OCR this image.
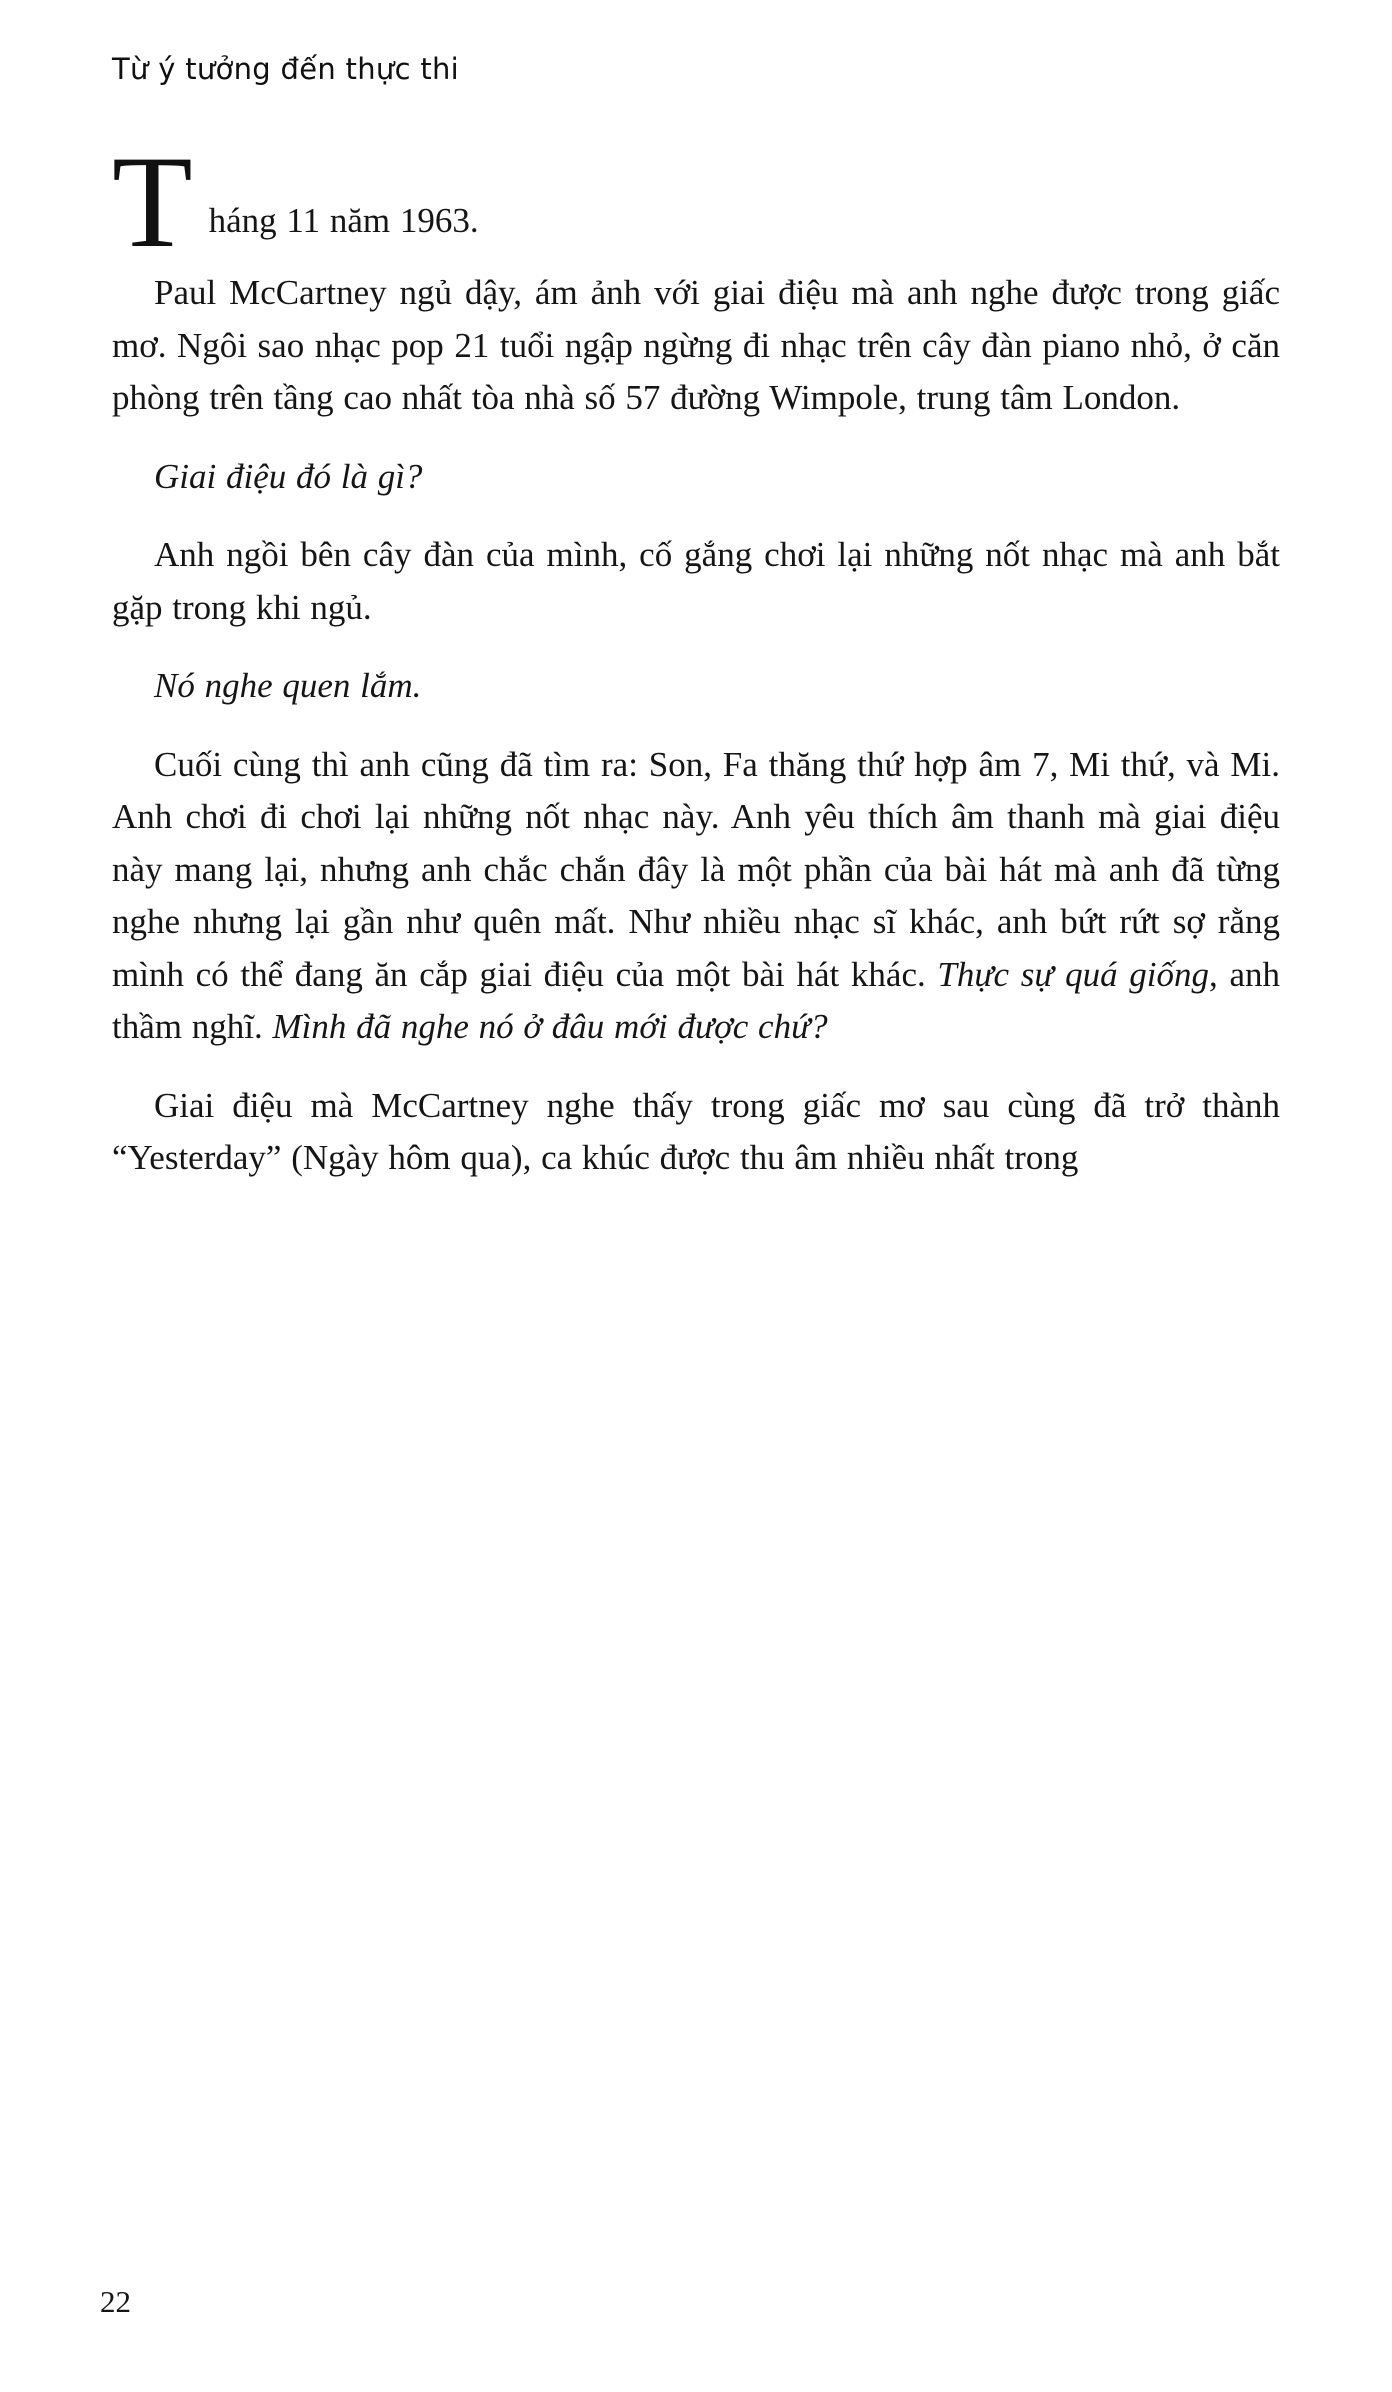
Từ ý tưởng đến thực thi
T háng 11 năm 1963.

Paul McCartney ngủ dậy, ám ảnh với giai điệu mà anh nghe được trong giấc mơ. Ngôi sao nhạc pop 21 tuổi ngập ngừng đi nhạc trên cây đàn piano nhỏ, ở căn phòng trên tầng cao nhất tòa nhà số 57 đường Wimpole, trung tâm London.

Giai điệu đó là gì?

Anh ngồi bên cây đàn của mình, cố gắng chơi lại những nốt nhạc mà anh bắt gặp trong khi ngủ.

Nó nghe quen lắm.

Cuối cùng thì anh cũng đã tìm ra: Son, Fa thăng thứ hợp âm 7, Mi thứ, và Mi. Anh chơi đi chơi lại những nốt nhạc này. Anh yêu thích âm thanh mà giai điệu này mang lại, nhưng anh chắc chắn đây là một phần của bài hát mà anh đã từng nghe nhưng lại gần như quên mất. Như nhiều nhạc sĩ khác, anh bứt rứt sợ rằng mình có thể đang ăn cắp giai điệu của một bài hát khác. Thực sự quá giống, anh thầm nghĩ. Mình đã nghe nó ở đâu mới được chứ?

Giai điệu mà McCartney nghe thấy trong giấc mơ sau cùng đã trở thành “Yesterday” (Ngày hôm qua), ca khúc được thu âm nhiều nhất trong

22
